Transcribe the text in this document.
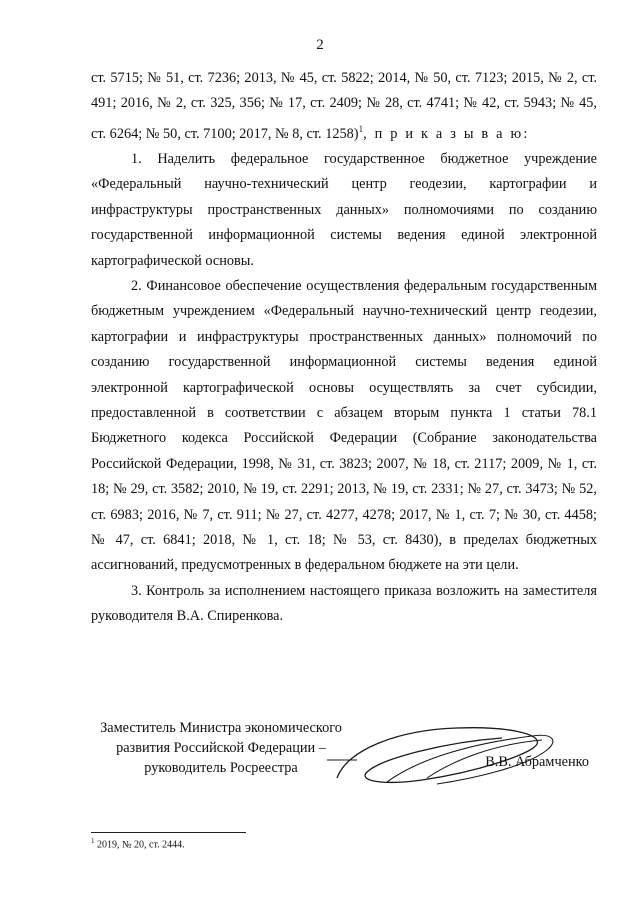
2

ст. 5715; № 51, ст. 7236; 2013, № 45, ст. 5822; 2014, № 50, ст. 7123; 2015, № 2, ст. 491; 2016, № 2, ст. 325, 356; № 17, ст. 2409; № 28, ст. 4741; № 42, ст. 5943; № 45, ст. 6264; № 50, ст. 7100; 2017, № 8, ст. 1258)$^1$, п р и к а з ы в а ю:

1. Наделить федеральное государственное бюджетное учреждение «Федеральный научно-технический центр геодезии, картографии и инфраструктуры пространственных данных» полномочиями по созданию государственной информационной системы ведения единой электронной картографической основы.

2. Финансовое обеспечение осуществления федеральным государственным бюджетным учреждением «Федеральный научно-технический центр геодезии, картографии и инфраструктуры пространственных данных» полномочий по созданию государственной информационной системы ведения единой электронной картографической основы осуществлять за счет субсидии, предоставленной в соответствии с абзацем вторым пункта 1 статьи 78.1 Бюджетного кодекса Российской Федерации (Собрание законодательства Российской Федерации, 1998, № 31, ст. 3823; 2007, № 18, ст. 2117; 2009, № 1, ст. 18; № 29, ст. 3582; 2010, № 19, ст. 2291; 2013, № 19, ст. 2331; № 27, ст. 3473; № 52, ст. 6983; 2016, № 7, ст. 911; № 27, ст. 4277, 4278; 2017, № 1, ст. 7; № 30, ст. 4458; № 47, ст. 6841; 2018, № 1, ст. 18; № 53, ст. 8430), в пределах бюджетных ассигнований, предусмотренных в федеральном бюджете на эти цели.

3. Контроль за исполнением настоящего приказа возложить на заместителя руководителя В.А. Спиренкова.

Заместитель Министра экономического
развития Российской Федерации –
руководитель Росреестра	В.В. Абрамченко
$^1$ 2019, № 20, ст. 2444.
